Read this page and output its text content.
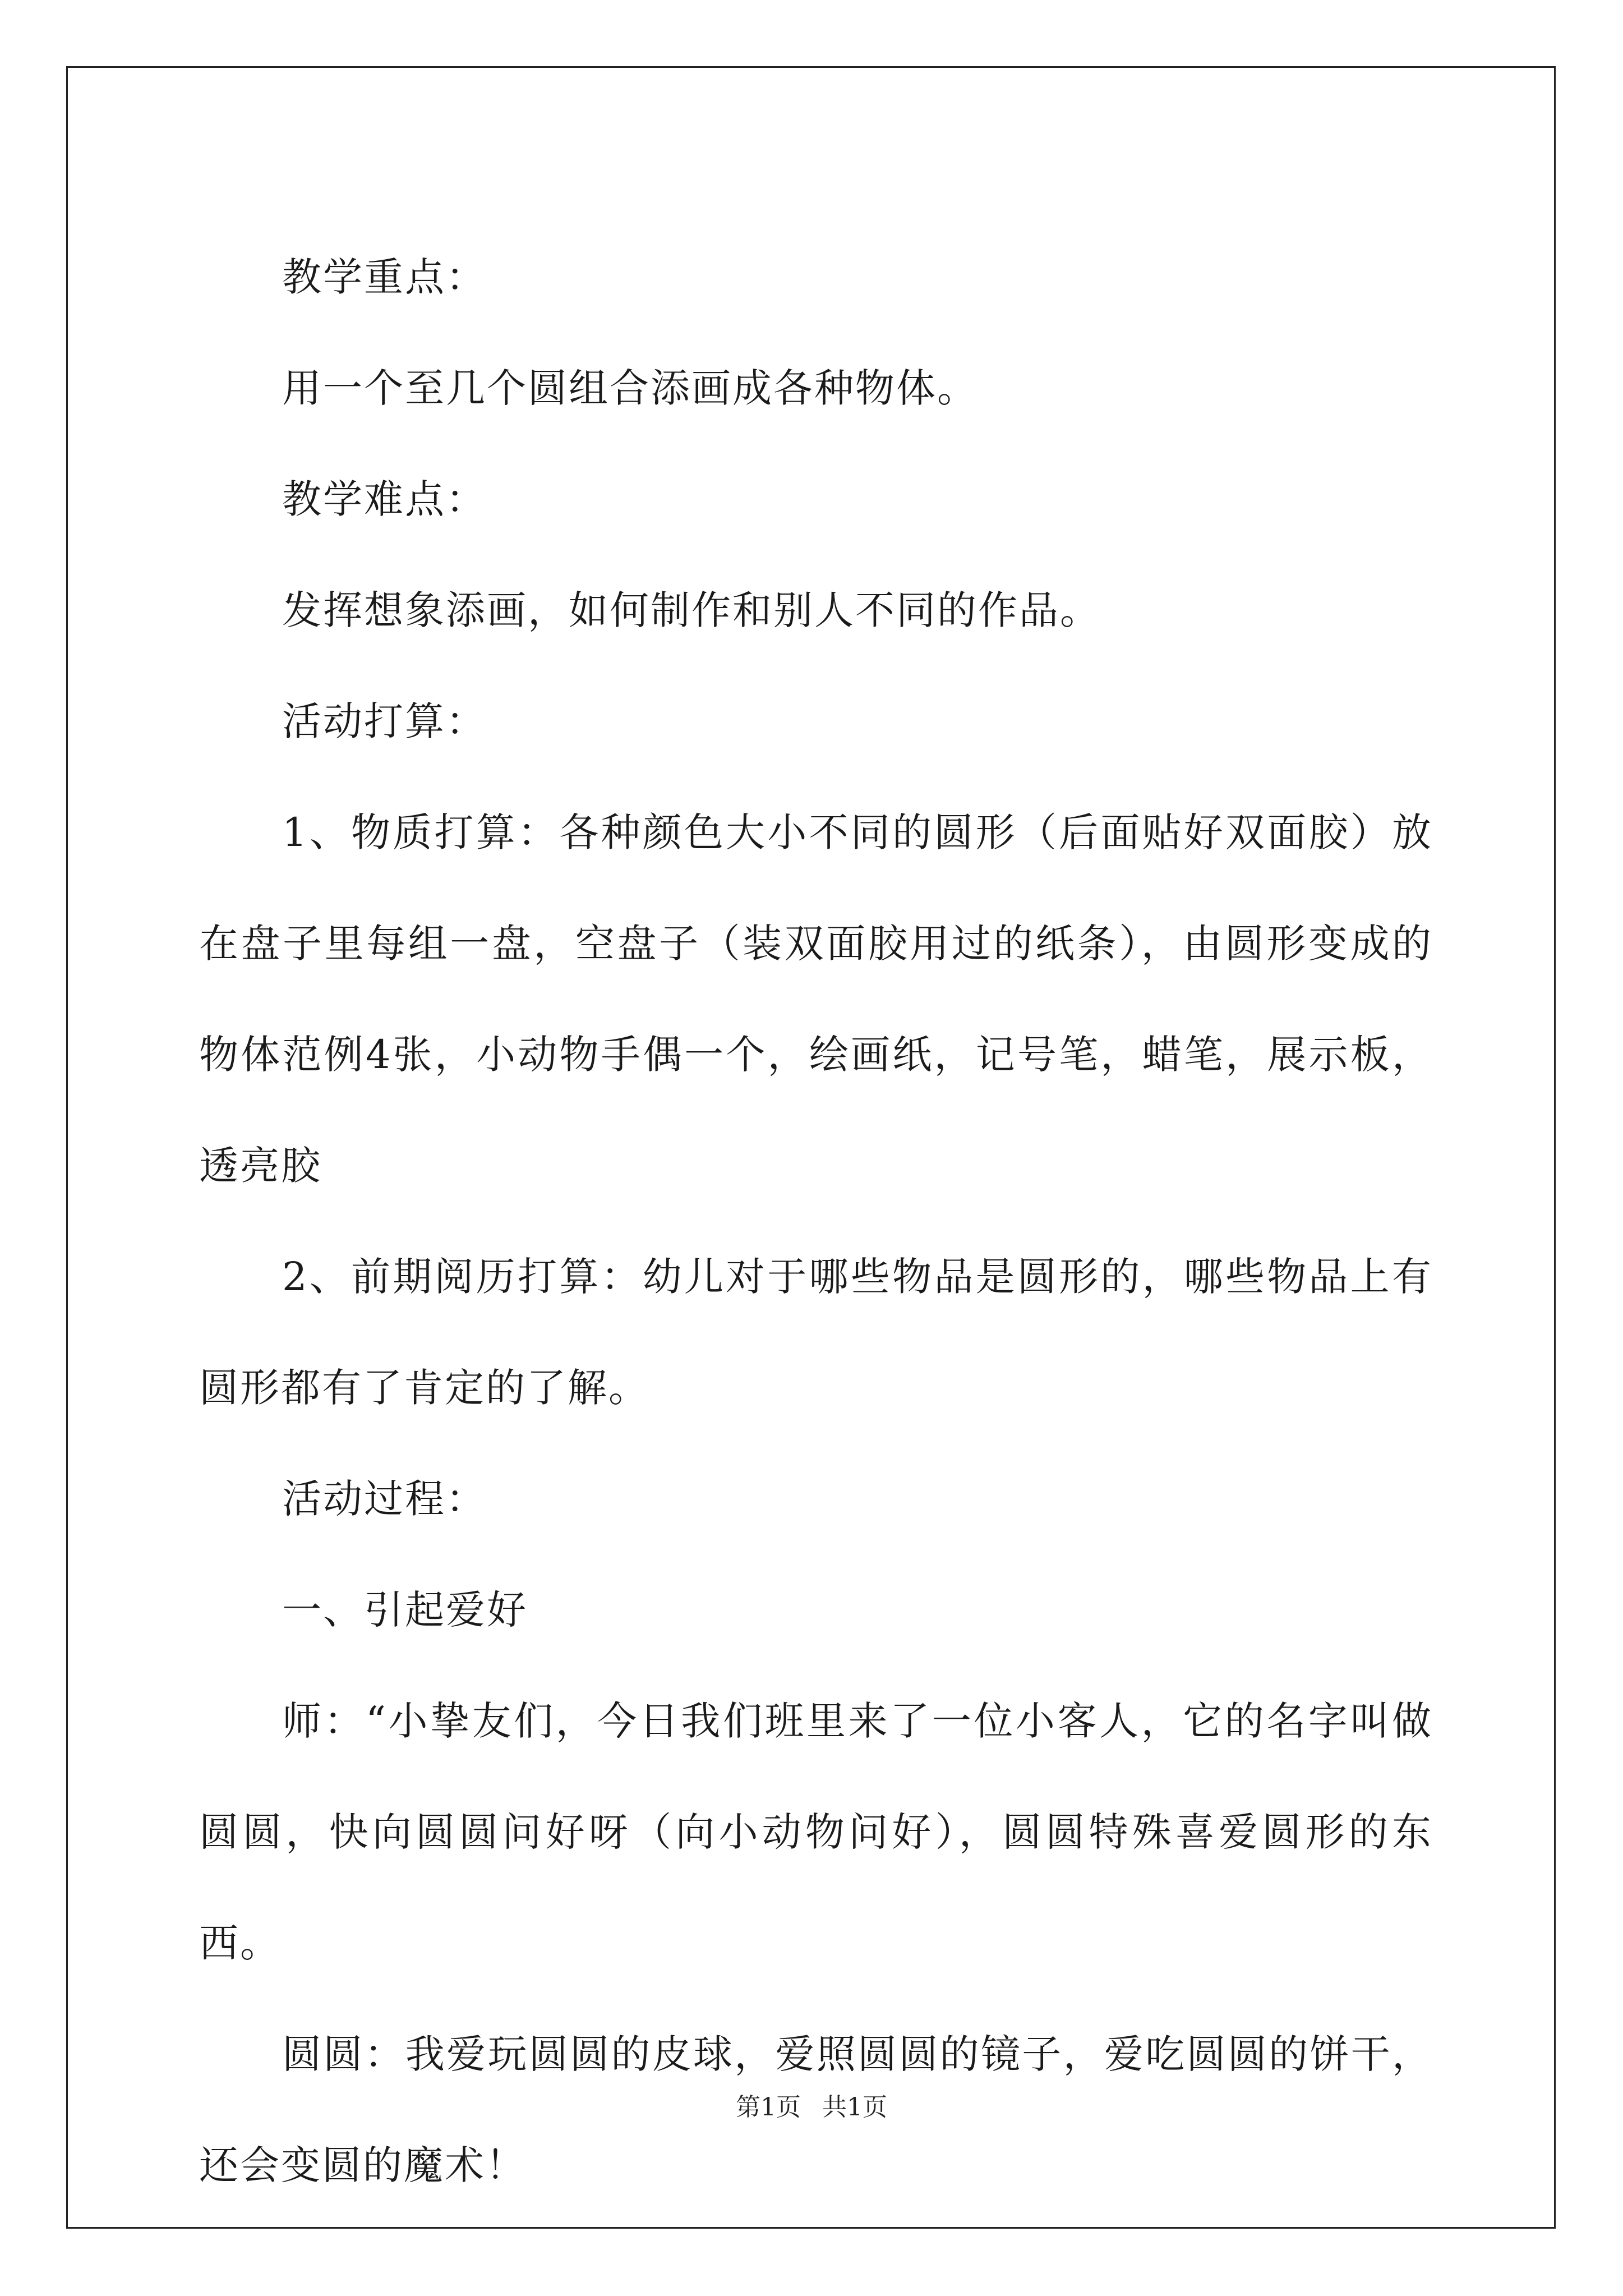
教学重点：

用一个至几个圆组合添画成各种物体。

教学难点：

发挥想象添画，如何制作和别人不同的作品。

活动打算：

1、物质打算：各种颜色大小不同的圆形（后面贴好双面胶）放在盘子里每组一盘，空盘子（装双面胶用过的纸条），由圆形变成的物体范例4张，小动物手偶一个，绘画纸，记号笔，蜡笔，展示板，透亮胶

2、前期阅历打算：幼儿对于哪些物品是圆形的，哪些物品上有圆形都有了肯定的了解。

活动过程：

一、引起爱好

师：“小挚友们，今日我们班里来了一位小客人，它的名字叫做圆圆，快向圆圆问好呀（向小动物问好），圆圆特殊喜爱圆形的东西。

圆圆：我爱玩圆圆的皮球，爱照圆圆的镜子，爱吃圆圆的饼干，还会变圆的魔术！

第1页 共1页
